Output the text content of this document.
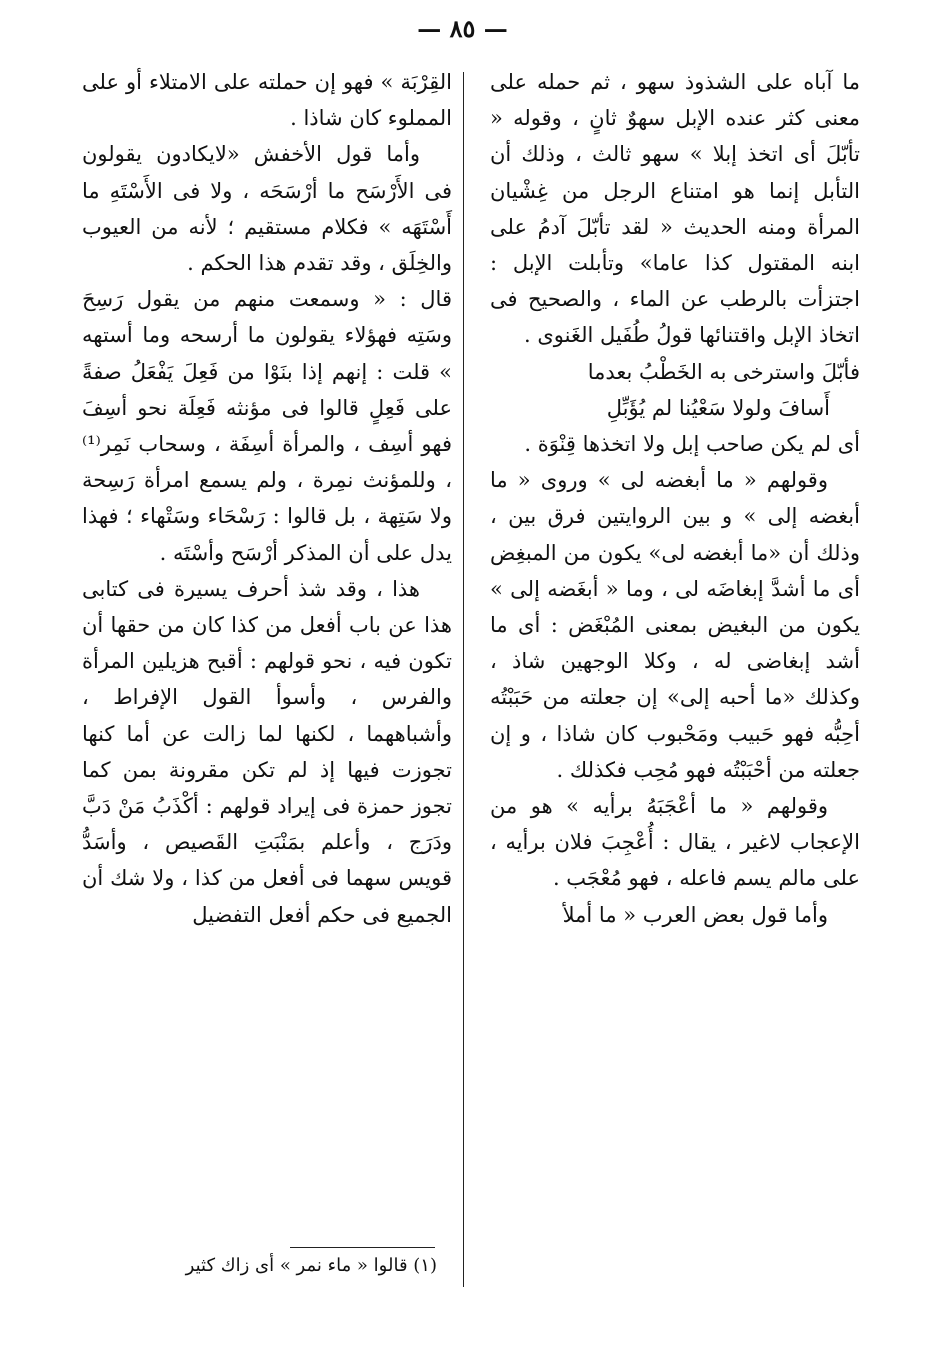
— ٨٥ —

ما آباه على الشذوذ سهو ، ثم حمله على معنى كثر عنده الإبل سهوٌ ثانٍ ، وقوله « تأبّلَ أى اتخذ إبلا » سهو ثالث ، وذلك أن التأبل إنما هو امتناع الرجل من غِشْيان المرأة ومنه الحديث « لقد تأبّلَ آدمُ على ابنه المقتول كذا عاما» وتأبلت الإبل : اجتزأت بالرطب عن الماء ، والصحيح فى اتخاذ الإبل واقتنائها قولُ طُفَيل الغَنوى .

فأبّلَ واسترخى به الخَطْبُ بعدما

أَسافَ ولولا سَعْيُنا لم يُؤَبِّلِ

أى لم يكن صاحب إبل ولا اتخذها قِنْوَة .

وقولهم « ما أبغضه لى » وروى « ما أبغضه إلى » و بين الروايتين فرق بين ، وذلك أن «ما أبغضه لى» يكون من المبغِض أى ما أشدَّ إبغاضَه لى ، وما « أبغَضه إلى » يكون من البغيض بمعنى المُبْغَض : أى ما أشد إبغاضى له ، وكلا الوجهين شاذ ، وكذلك «ما أحبه إلى» إن جعلته من حَبَبْتُه أحِبُّه فهو حَبيب ومَحْبوب كان شاذا ، و إن جعلته من أحْبَبْتُه فهو مُحِب فكذلك .

وقولهم « ما أعْجَبَهُ برأيه » هو من الإعجاب لاغير ، يقال : أُعْجِبَ فلان برأيه ، على مالم يسم فاعله ، فهو مُعْجَب .

وأما قول بعض العرب « ما أملأ

القِرْبَة » فهو إن حملته على الامتلاء أو على المملوء كان شاذا .

وأما قول الأخفش «لايكادون يقولون فى الأَرْسَح ما أرْسَحَه ، ولا فى الأَسْتَهِ ما أَسْتَهَه » فكلام مستقيم ؛ لأنه من العيوب والخِلَق ، وقد تقدم هذا الحكم .

قال : « وسمعت منهم من يقول رَسِحَ وسَتِه فهؤلاء يقولون ما أرسحه وما أستهه » قلت : إنهم إذا بنَوْا من فَعِلَ يَفْعَلُ صفةً على فَعِلٍ قالوا فى مؤنثه فَعِلَة نحو أسِفَ فهو أسِف ، والمرأة أسِفَة ، وسحاب نَمِر⁽¹⁾ ، وللمؤنث نمِرة ، ولم يسمع امرأة رَسِحة ولا سَتِهة ، بل قالوا : رَسْحَاء وسَتْهاء ؛ فهذا يدل على أن المذكر أرْسَح وأسْتَه .

هذا ، وقد شذ أحرف يسيرة فى كتابى هذا عن باب أفعل من كذا كان من حقها أن تكون فيه ، نحو قولهم : أقبح هزيلين المرأة والفرس ، وأسوأ القول الإفراط ، وأشباههما ، لكنها لما زالت عن أما كنها تجوزت فيها إذ لم تكن مقرونة بمن كما تجوز حمزة فى إيراد قولهم : أكْذَبُ مَنْ دَبَّ ودَرَج ، وأعلم بمَنْبَتِ القَصيص ، وأسَدُّ قويس سهما فى أفعل من كذا ، ولا شك أن الجميع فى حكم أفعل التفضيل

(١) قالوا « ماء نمر » أى زاك كثير
